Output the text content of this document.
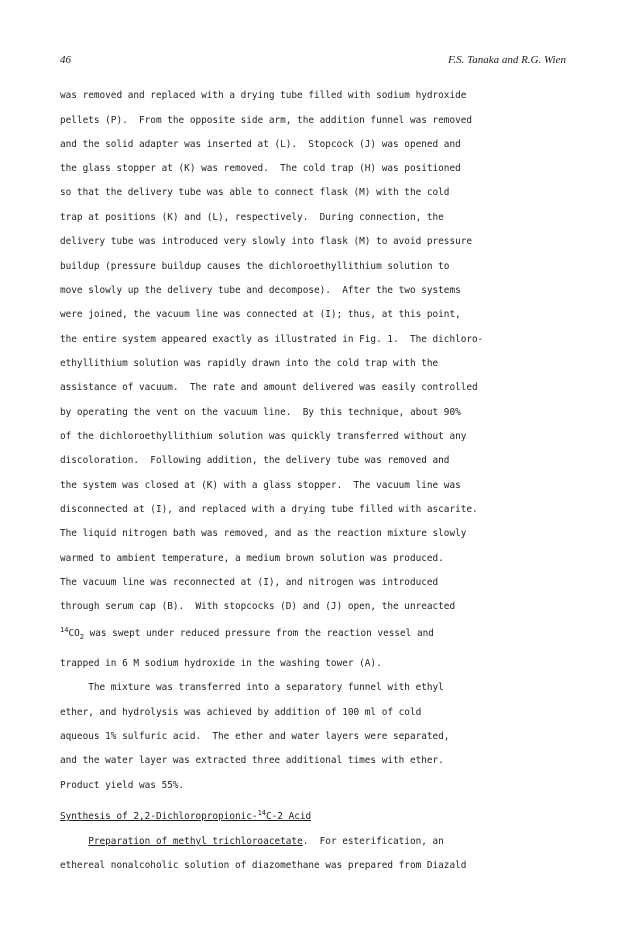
46	F.S. Tanaka and R.G. Wien
was removed and replaced with a drying tube filled with sodium hydroxide
pellets (P).  From the opposite side arm, the addition funnel was removed
and the solid adapter was inserted at (L).  Stopcock (J) was opened and
the glass stopper at (K) was removed.  The cold trap (H) was positioned
so that the delivery tube was able to connect flask (M) with the cold
trap at positions (K) and (L), respectively.  During connection, the
delivery tube was introduced very slowly into flask (M) to avoid pressure
buildup (pressure buildup causes the dichloroethyllithium solution to
move slowly up the delivery tube and decompose).  After the two systems
were joined, the vacuum line was connected at (I); thus, at this point,
the entire system appeared exactly as illustrated in Fig. 1.  The dichloro-
ethyllithium solution was rapidly drawn into the cold trap with the
assistance of vacuum.  The rate and amount delivered was easily controlled
by operating the vent on the vacuum line.  By this technique, about 90%
of the dichloroethyllithium solution was quickly transferred without any
discoloration.  Following addition, the delivery tube was removed and
the system was closed at (K) with a glass stopper.  The vacuum line was
disconnected at (I), and replaced with a drying tube filled with ascarite.
The liquid nitrogen bath was removed, and as the reaction mixture slowly
warmed to ambient temperature, a medium brown solution was produced.
The vacuum line was reconnected at (I), and nitrogen was introduced
through serum cap (B).  With stopcocks (D) and (J) open, the unreacted
$^{14}CO_2$ was swept under reduced pressure from the reaction vessel and
trapped in 6 M sodium hydroxide in the washing tower (A).
The mixture was transferred into a separatory funnel with ethyl
ether, and hydrolysis was achieved by addition of 100 ml of cold
aqueous 1% sulfuric acid.  The ether and water layers were separated,
and the water layer was extracted three additional times with ether.
Product yield was 55%.
Synthesis of 2,2-Dichloropropionic-$^{14}$C-2 Acid
Preparation of methyl trichloroacetate.  For esterification, an
ethereal nonalcoholic solution of diazomethane was prepared from Diazald
